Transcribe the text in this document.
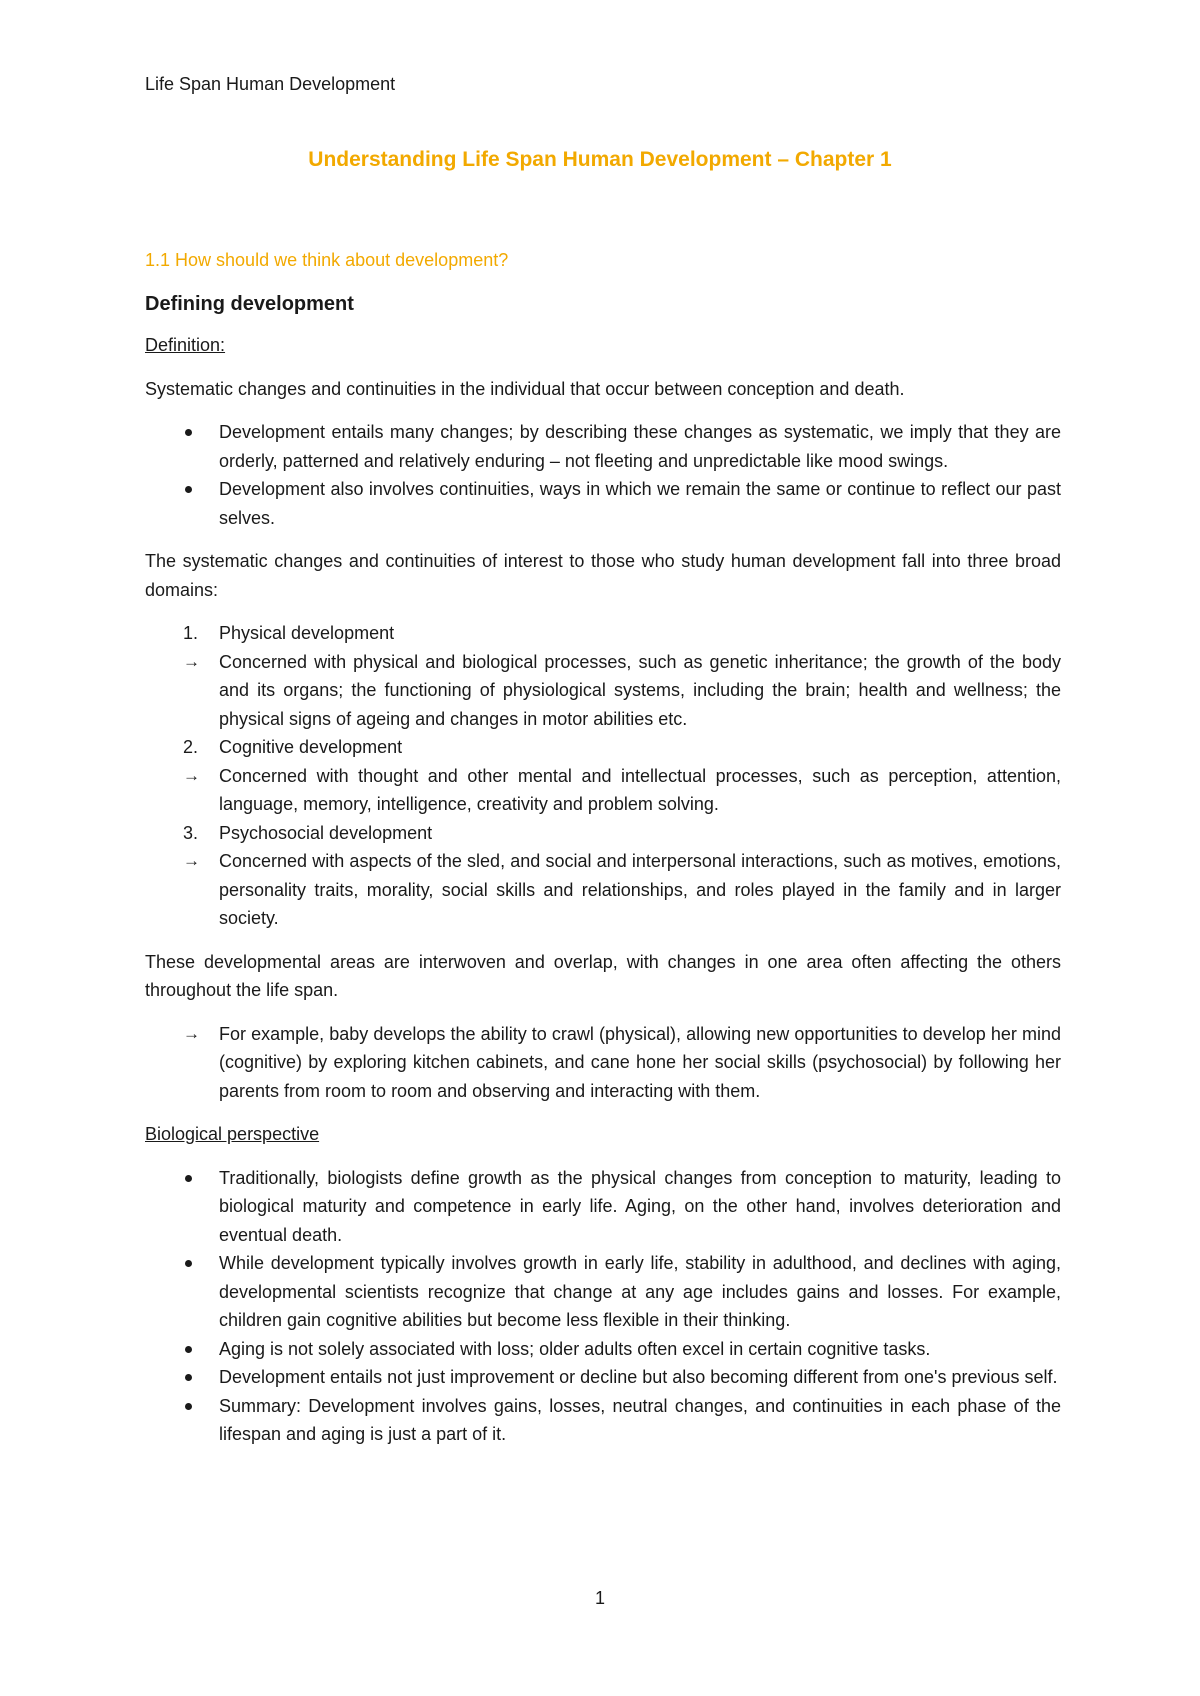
Life Span Human Development
Understanding Life Span Human Development – Chapter 1
1.1 How should we think about development?
Defining development
Definition:

Systematic changes and continuities in the individual that occur between conception and death.

Development entails many changes; by describing these changes as systematic, we imply that they are orderly, patterned and relatively enduring – not fleeting and unpredictable like mood swings.
Development also involves continuities, ways in which we remain the same or continue to reflect our past selves.

The systematic changes and continuities of interest to those who study human development fall into three broad domains:

1. Physical development
→ Concerned with physical and biological processes, such as genetic inheritance; the growth of the body and its organs; the functioning of physiological systems, including the brain; health and wellness; the physical signs of ageing and changes in motor abilities etc.
2. Cognitive development
→ Concerned with thought and other mental and intellectual processes, such as perception, attention, language, memory, intelligence, creativity and problem solving.
3. Psychosocial development
→ Concerned with aspects of the sled, and social and interpersonal interactions, such as motives, emotions, personality traits, morality, social skills and relationships, and roles played in the family and in larger society.

These developmental areas are interwoven and overlap, with changes in one area often affecting the others throughout the life span.

→ For example, baby develops the ability to crawl (physical), allowing new opportunities to develop her mind (cognitive) by exploring kitchen cabinets, and cane hone her social skills (psychosocial) by following her parents from room to room and observing and interacting with them.
Biological perspective
Traditionally, biologists define growth as the physical changes from conception to maturity, leading to biological maturity and competence in early life. Aging, on the other hand, involves deterioration and eventual death.
While development typically involves growth in early life, stability in adulthood, and declines with aging, developmental scientists recognize that change at any age includes gains and losses. For example, children gain cognitive abilities but become less flexible in their thinking.
Aging is not solely associated with loss; older adults often excel in certain cognitive tasks.
Development entails not just improvement or decline but also becoming different from one's previous self.
Summary: Development involves gains, losses, neutral changes, and continuities in each phase of the lifespan and aging is just a part of it.
1
